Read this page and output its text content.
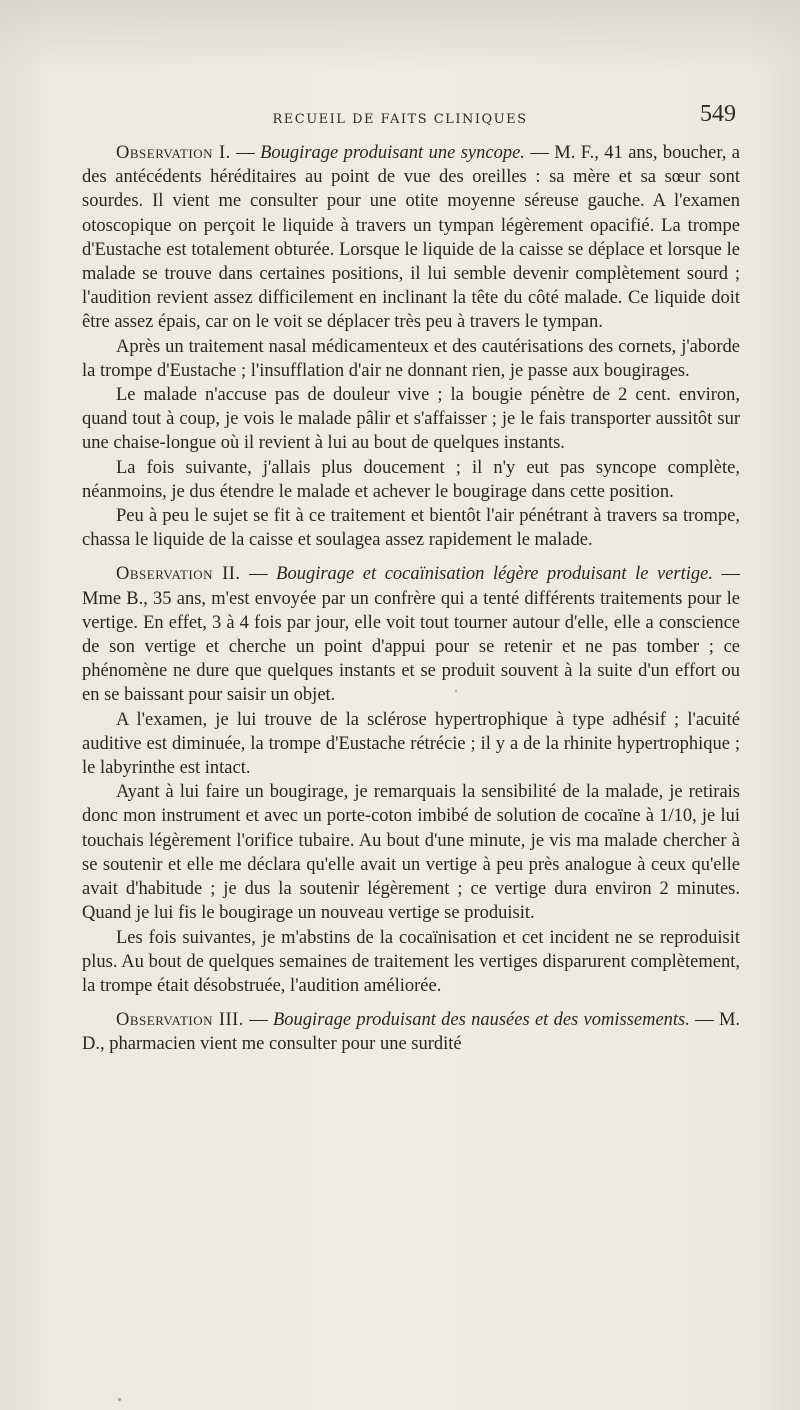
RECUEIL DE FAITS CLINIQUES	549

Observation I. — Bougirage produisant une syncope. — M. F., 41 ans, boucher, a des antécédents héréditaires au point de vue des oreilles : sa mère et sa sœur sont sourdes. Il vient me consulter pour une otite moyenne séreuse gauche. A l'examen otoscopique on perçoit le liquide à travers un tympan légèrement opacifié. La trompe d'Eustache est totalement obturée. Lorsque le liquide de la caisse se déplace et lorsque le malade se trouve dans certaines positions, il lui semble devenir complètement sourd ; l'audition revient assez difficilement en inclinant la tête du côté malade. Ce liquide doit être assez épais, car on le voit se déplacer très peu à travers le tympan.

Après un traitement nasal médicamenteux et des cautérisations des cornets, j'aborde la trompe d'Eustache ; l'insufflation d'air ne donnant rien, je passe aux bougirages.

Le malade n'accuse pas de douleur vive ; la bougie pénètre de 2 cent. environ, quand tout à coup, je vois le malade pâlir et s'affaisser ; je le fais transporter aussitôt sur une chaise-longue où il revient à lui au bout de quelques instants.

La fois suivante, j'allais plus doucement ; il n'y eut pas syncope complète, néanmoins, je dus étendre le malade et achever le bougirage dans cette position.

Peu à peu le sujet se fit à ce traitement et bientôt l'air pénétrant à travers sa trompe, chassa le liquide de la caisse et soulagea assez rapidement le malade.

Observation II. — Bougirage et cocaïnisation légère produisant le vertige. — Mme B., 35 ans, m'est envoyée par un confrère qui a tenté différents traitements pour le vertige. En effet, 3 à 4 fois par jour, elle voit tout tourner autour d'elle, elle a conscience de son vertige et cherche un point d'appui pour se retenir et ne pas tomber ; ce phénomène ne dure que quelques instants et se produit souvent à la suite d'un effort ou en se baissant pour saisir un objet.

A l'examen, je lui trouve de la sclérose hypertrophique à type adhésif ; l'acuité auditive est diminuée, la trompe d'Eustache rétrécie ; il y a de la rhinite hypertrophique ; le labyrinthe est intact.

Ayant à lui faire un bougirage, je remarquais la sensibilité de la malade, je retirais donc mon instrument et avec un porte-coton imbibé de solution de cocaïne à 1/10, je lui touchais légèrement l'orifice tubaire. Au bout d'une minute, je vis ma malade chercher à se soutenir et elle me déclara qu'elle avait un vertige à peu près analogue à ceux qu'elle avait d'habitude ; je dus la soutenir légèrement ; ce vertige dura environ 2 minutes. Quand je lui fis le bougirage un nouveau vertige se produisit.

Les fois suivantes, je m'abstins de la cocaïnisation et cet incident ne se reproduisit plus. Au bout de quelques semaines de traitement les vertiges disparurent complètement, la trompe était désobstruée, l'audition améliorée.

Observation III. — Bougirage produisant des nausées et des vomissements. — M. D., pharmacien vient me consulter pour une surdité
